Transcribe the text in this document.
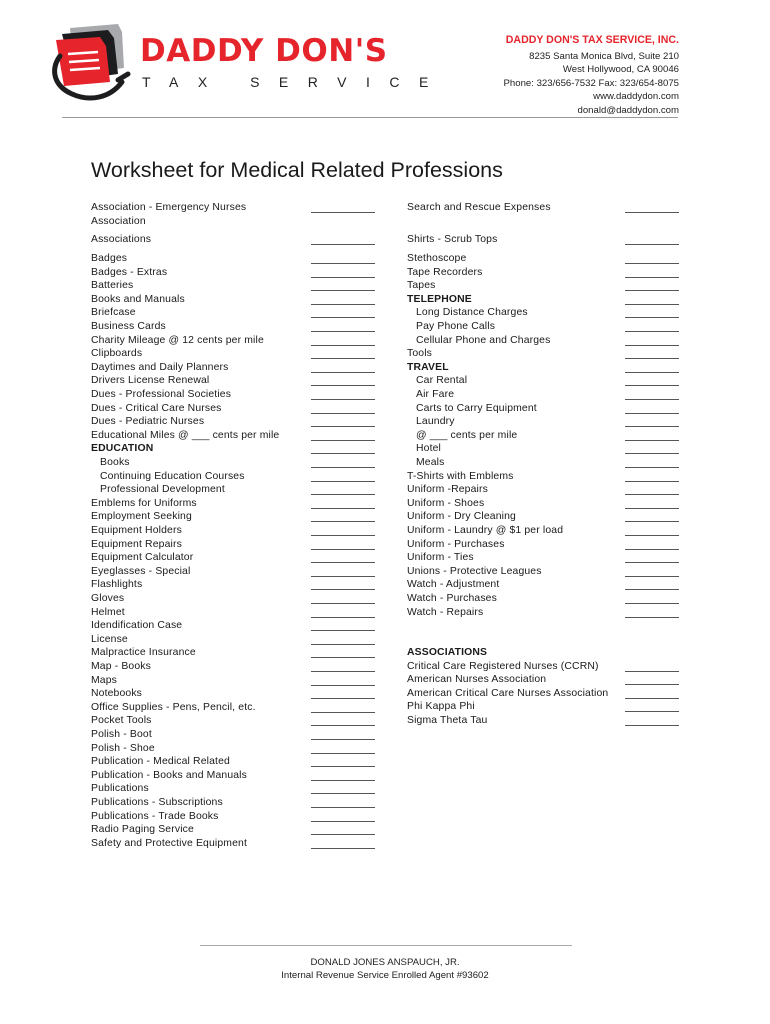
DADDY DON'S
TAX SERVICE
DADDY DON'S TAX SERVICE, INC.
8235 Santa Monica Blvd, Suite 210
West Hollywood, CA 90046
Phone: 323/656-7532 Fax: 323/654-8075
www.daddydon.com
donald@daddydon.com
Worksheet for Medical Related Professions
Association - Emergency Nurses
Association
Associations
Badges
Badges - Extras
Batteries
Books and Manuals
Briefcase
Business Cards
Charity Mileage @ 12 cents per mile
Clipboards
Daytimes and Daily Planners
Drivers License Renewal
Dues - Professional Societies
Dues - Critical Care Nurses
Dues - Pediatric Nurses
Educational Miles @ ___ cents per mile
EDUCATION
Books
Continuing Education Courses
Professional Development
Emblems for Uniforms
Employment Seeking
Equipment Holders
Equipment Repairs
Equipment Calculator
Eyeglasses - Special
Flashlights
Gloves
Helmet
Idendification Case
License
Malpractice Insurance
Map - Books
Maps
Notebooks
Office Supplies - Pens, Pencil, etc.
Pocket Tools
Polish - Boot
Polish - Shoe
Publication - Medical Related
Publication - Books and Manuals
Publications
Publications - Subscriptions
Publications - Trade Books
Radio Paging Service
Safety and Protective Equipment
Search and Rescue Expenses
Shirts - Scrub Tops
Stethoscope
Tape Recorders
Tapes
TELEPHONE
Long Distance Charges
Pay Phone Calls
Cellular Phone and Charges
Tools
TRAVEL
Car Rental
Air Fare
Carts to Carry Equipment
Laundry
@ ___ cents per mile
Hotel
Meals
T-Shirts with Emblems
Uniform -Repairs
Uniform - Shoes
Uniform - Dry Cleaning
Uniform - Laundry @ $1 per load
Uniform - Purchases
Uniform - Ties
Unions - Protective Leagues
Watch - Adjustment
Watch - Purchases
Watch - Repairs
ASSOCIATIONS
Critical Care Registered Nurses (CCRN)
American Nurses Association
American Critical Care Nurses Association
Phi Kappa Phi
Sigma Theta Tau
DONALD JONES ANSPAUCH, JR.
Internal Revenue Service Enrolled Agent #93602
